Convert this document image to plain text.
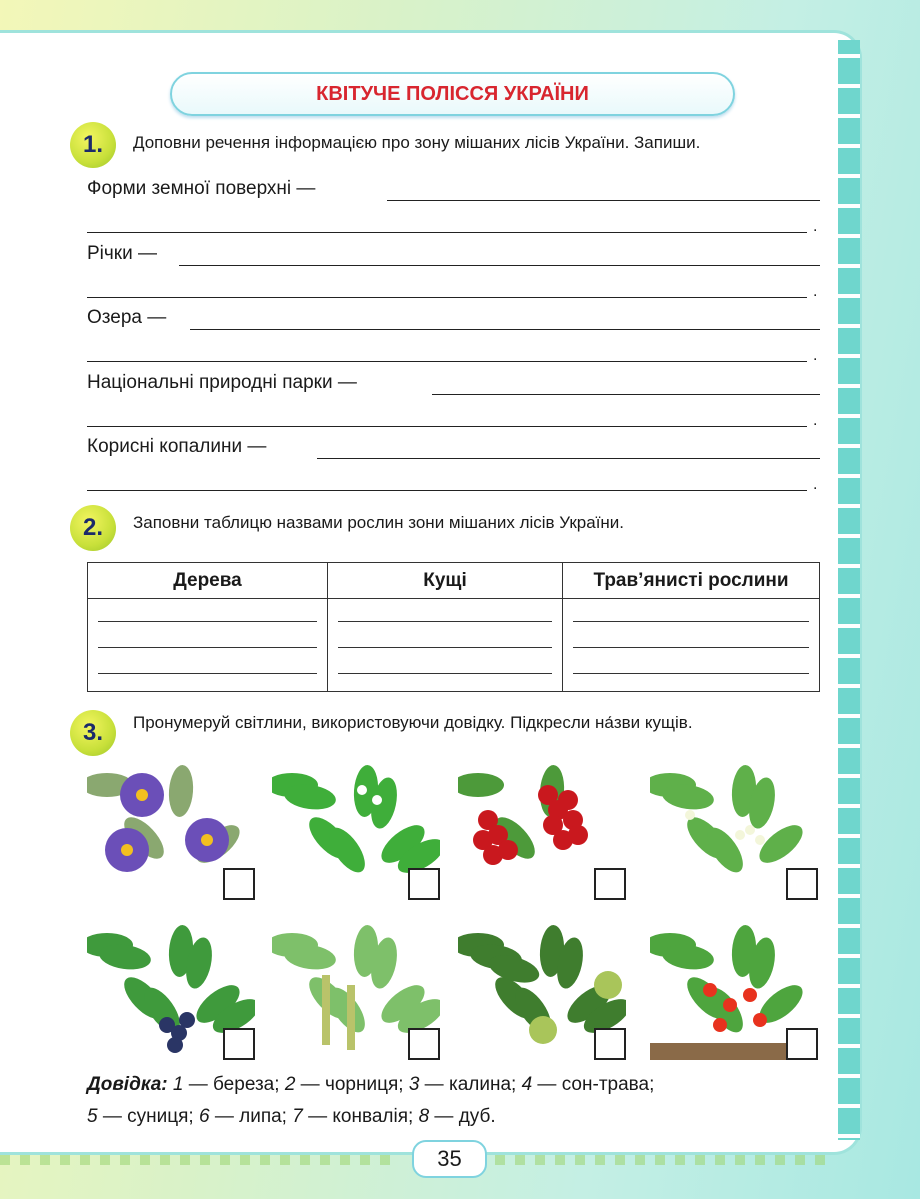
КВІТУЧЕ ПОЛІССЯ УКРАЇНИ
1.	Доповни речення інформацією про зону мішаних лісів України. Запиши.
Форми земної поверхні —
.
Річки —
.
Озера —
.
Національні природні парки —
.
Корисні копалини —
.
2.	Заповни таблицю назвами рослин зони мішаних лісів України.
Дерева	Кущі	Трав’янисті рослини

3.	Пронумеруй світлини, використовуючи довідку. Підкресли на́зви кущів.
Довідка: 1 — береза; 2 — чорниця; 3 — калина; 4 — сон-трава;
5 — суниця; 6 — липа; 7 — конвалія; 8 — дуб.
35
